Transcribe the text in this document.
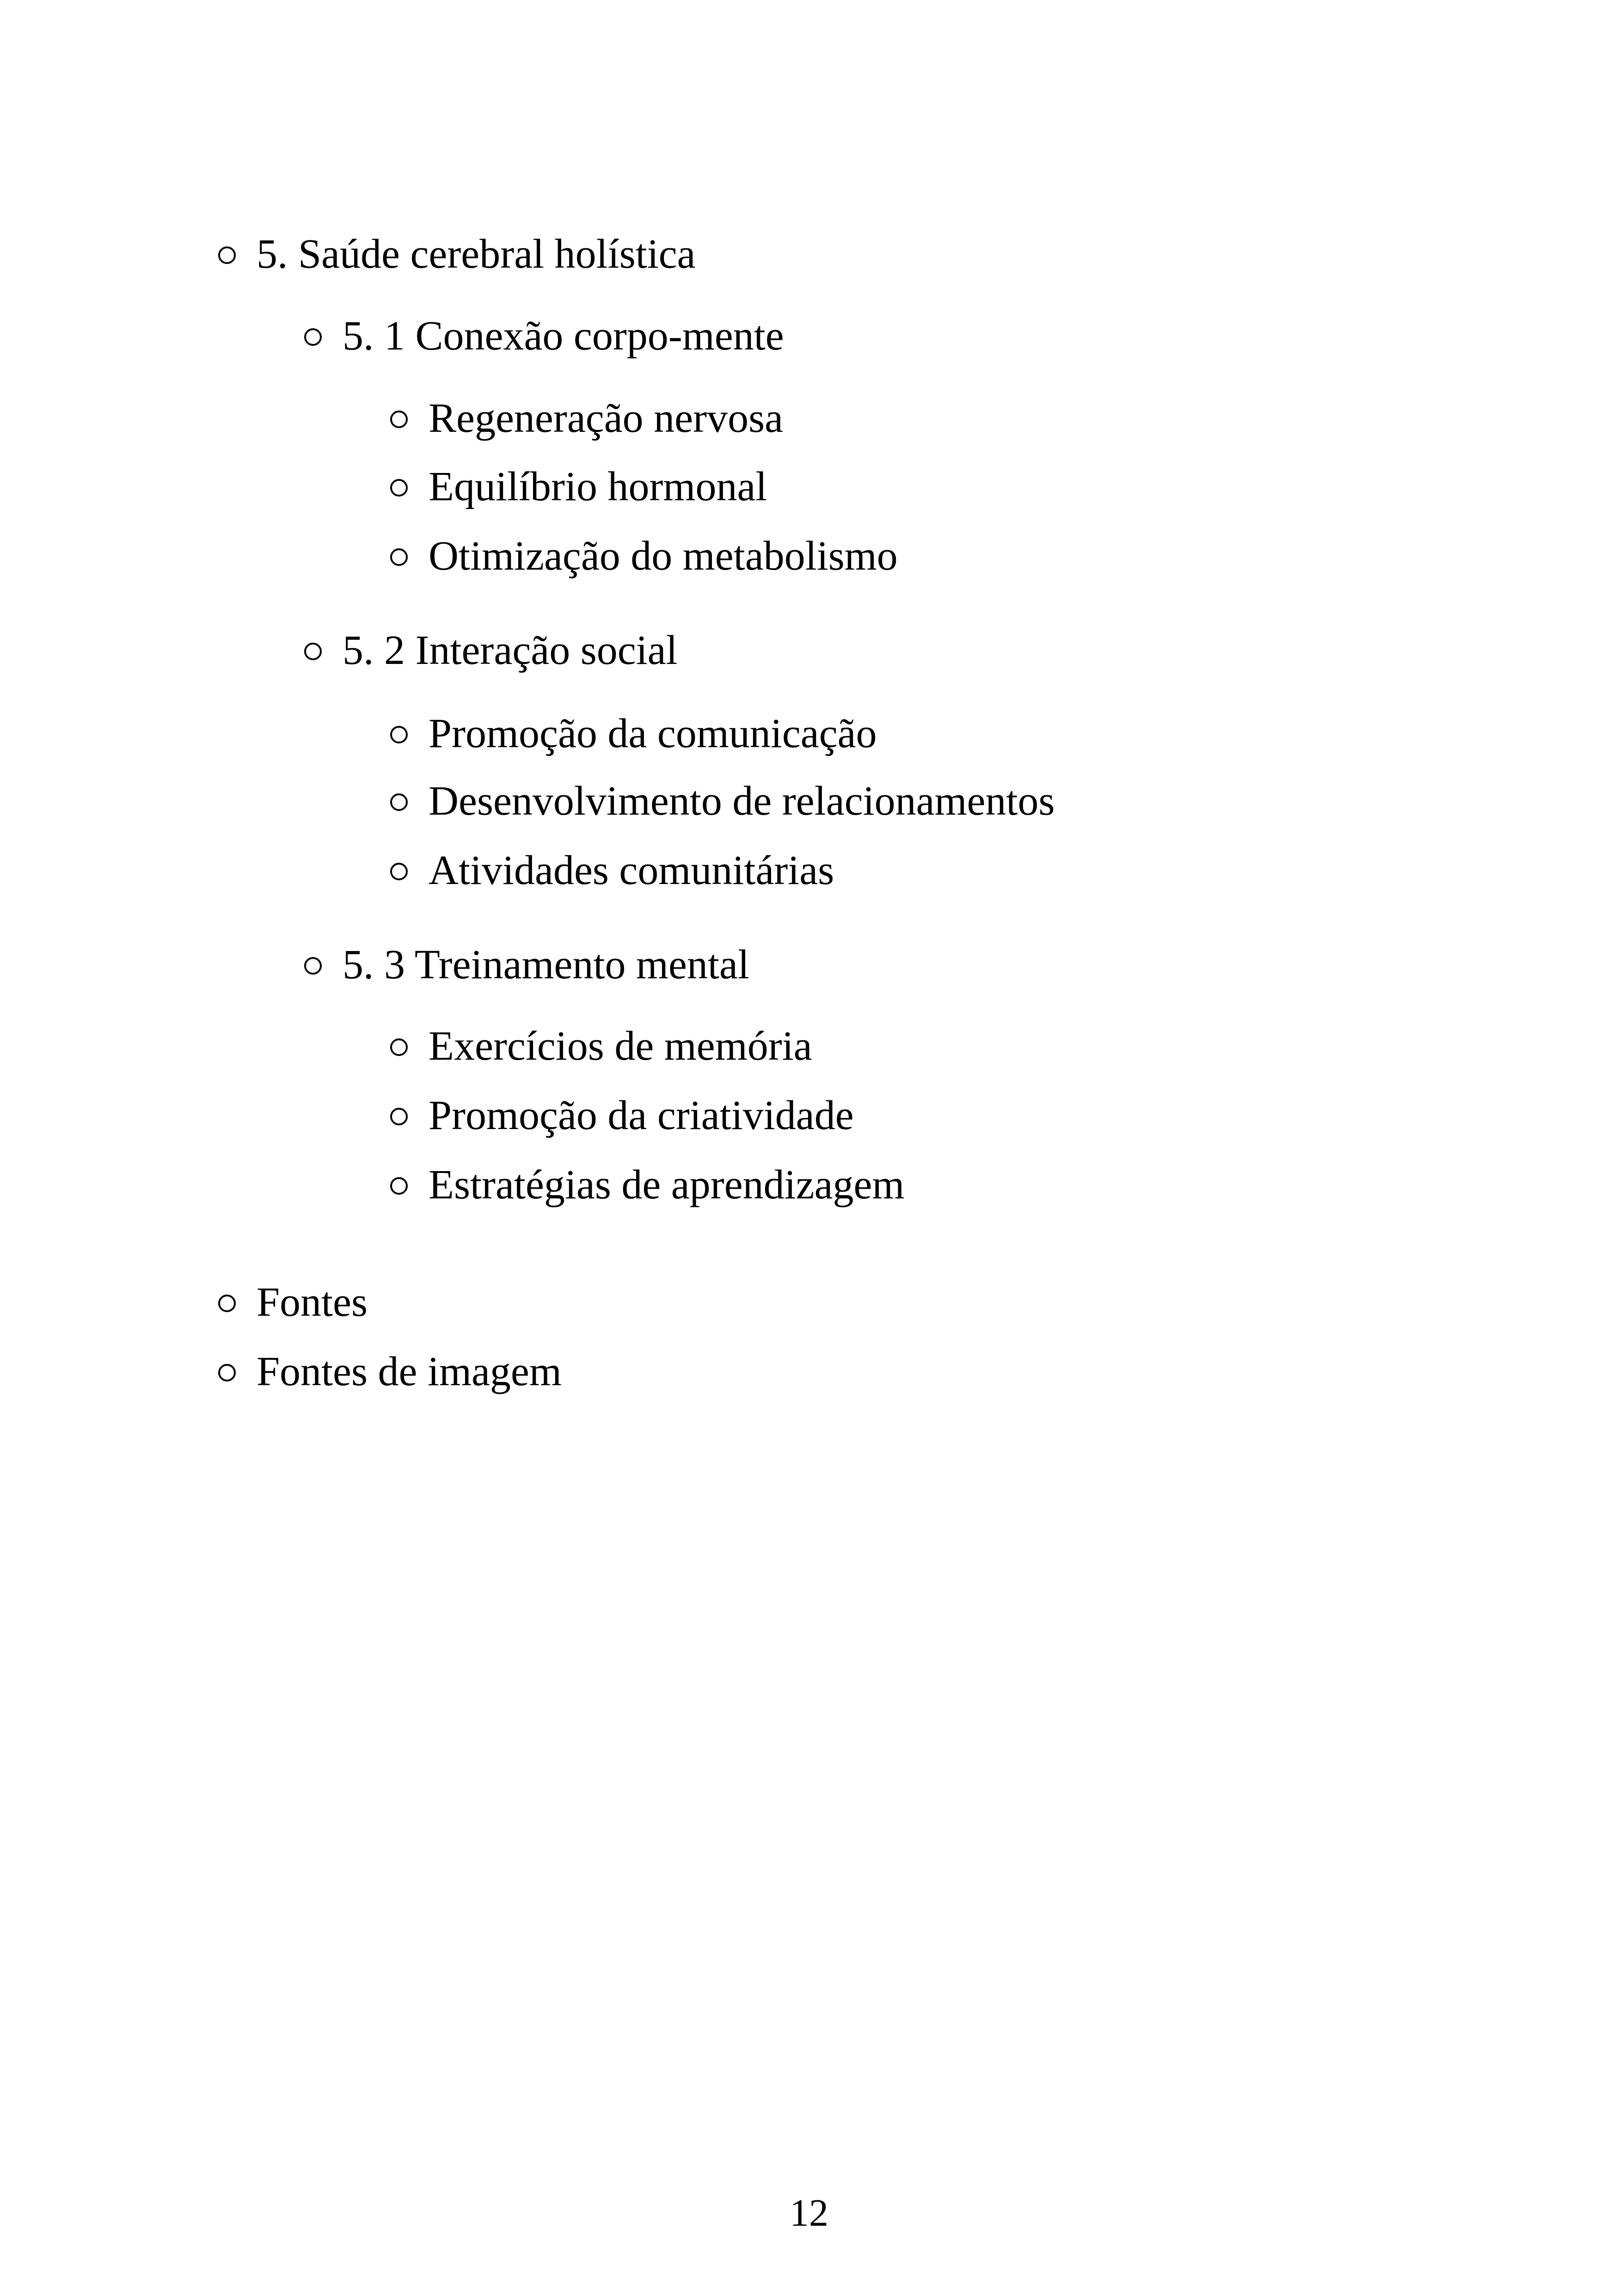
5. Saúde cerebral holística
5. 1 Conexão corpo-mente
Regeneração nervosa
Equilíbrio hormonal
Otimização do metabolismo
5. 2 Interação social
Promoção da comunicação
Desenvolvimento de relacionamentos
Atividades comunitárias
5. 3 Treinamento mental
Exercícios de memória
Promoção da criatividade
Estratégias de aprendizagem
Fontes
Fontes de imagem
12
